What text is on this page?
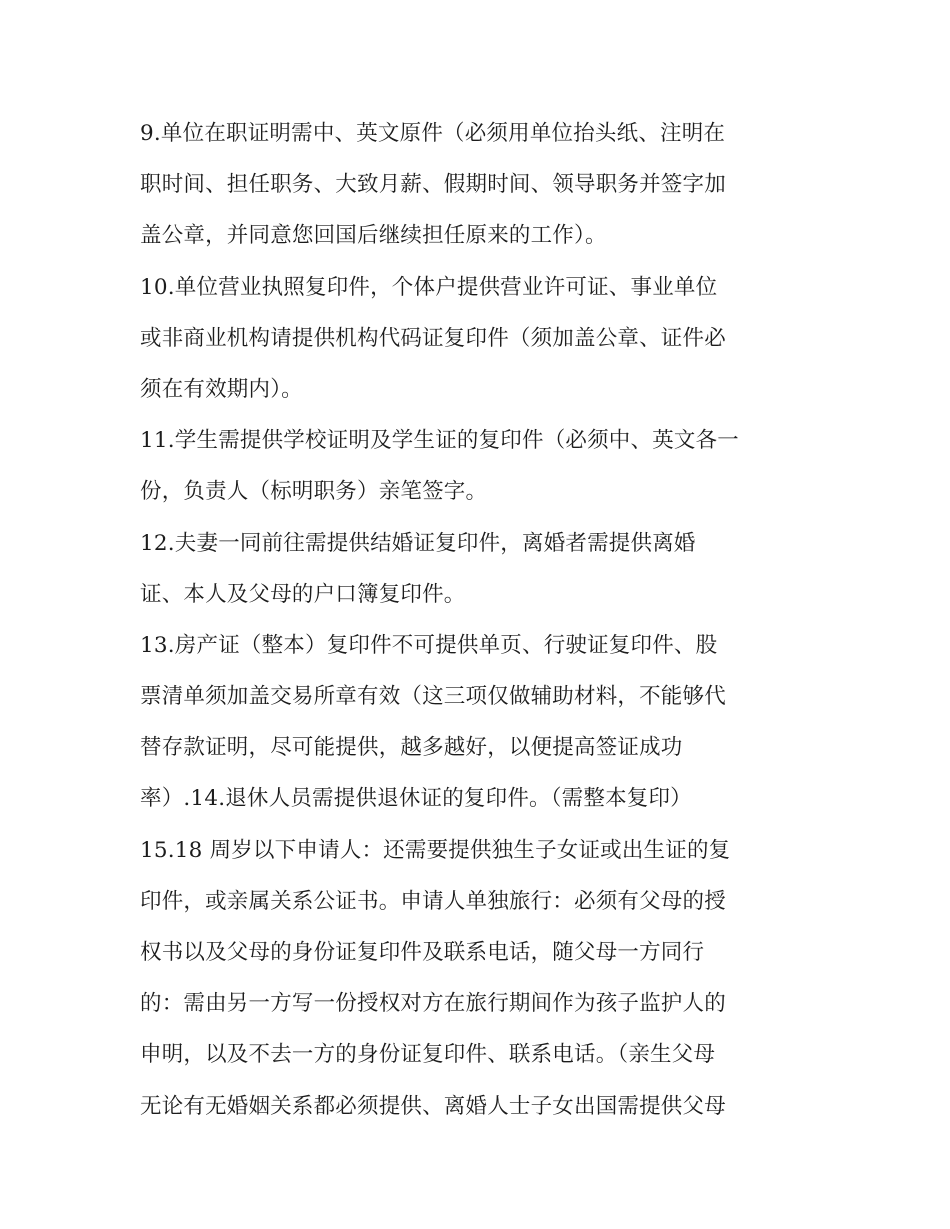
9.单位在职证明需中、英文原件（必须用单位抬头纸、注明在
职时间、担任职务、大致月薪、假期时间、领导职务并签字加
盖公章，并同意您回国后继续担任原来的工作）。
10.单位营业执照复印件，个体户提供营业许可证、事业单位
或非商业机构请提供机构代码证复印件（须加盖公章、证件必
须在有效期内）。
11.学生需提供学校证明及学生证的复印件（必须中、英文各一
份，负责人（标明职务）亲笔签字。
12.夫妻一同前往需提供结婚证复印件，离婚者需提供离婚
证、本人及父母的户口簿复印件。
13.房产证（整本）复印件不可提供单页、行驶证复印件、股
票清单须加盖交易所章有效（这三项仅做辅助材料，不能够代
替存款证明，尽可能提供，越多越好，以便提高签证成功
率）.14.退休人员需提供退休证的复印件。（需整本复印）
15.18 周岁以下申请人：还需要提供独生子女证或出生证的复
印件，或亲属关系公证书。申请人单独旅行：必须有父母的授
权书以及父母的身份证复印件及联系电话，随父母一方同行
的：需由另一方写一份授权对方在旅行期间作为孩子监护人的
申明，以及不去一方的身份证复印件、联系电话。（亲生父母
无论有无婚姻关系都必须提供、离婚人士子女出国需提供父母
